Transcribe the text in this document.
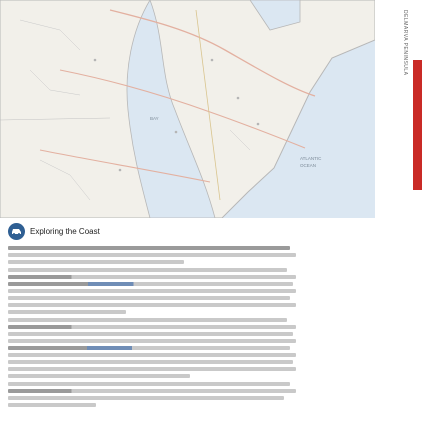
BAY
ATLANTIC
OCEAN
DELMARVA PENINSULA
Exploring the Coast
